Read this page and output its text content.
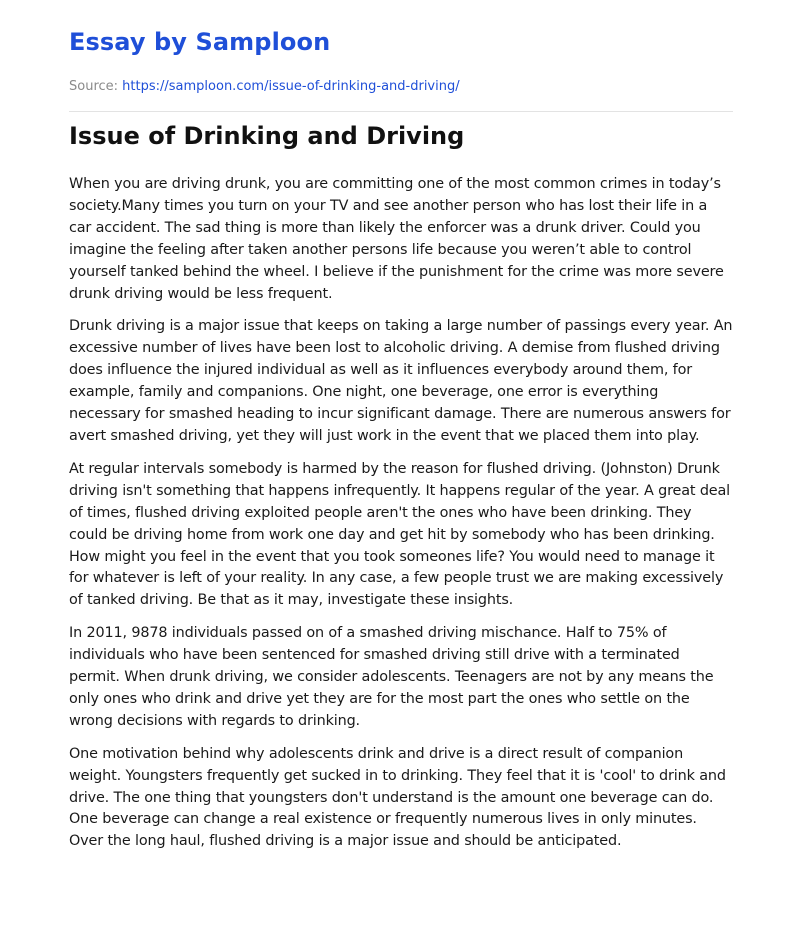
Essay by Samploon
Source: https://samploon.com/issue-of-drinking-and-driving/
Issue of Drinking and Driving

When you are driving drunk, you are committing one of the most common crimes in today’s society.Many times you turn on your TV and see another person who has lost their life in a car accident. The sad thing is more than likely the enforcer was a drunk driver. Could you imagine the feeling after taken another persons life because you weren’t able to control yourself tanked behind the wheel. I believe if the punishment for the crime was more severe drunk driving would be less frequent.

Drunk driving is a major issue that keeps on taking a large number of passings every year. An excessive number of lives have been lost to alcoholic driving. A demise from flushed driving does influence the injured individual as well as it influences everybody around them, for example, family and companions. One night, one beverage, one error is everything necessary for smashed heading to incur significant damage. There are numerous answers for avert smashed driving, yet they will just work in the event that we placed them into play.

At regular intervals somebody is harmed by the reason for flushed driving. (Johnston) Drunk driving isn't something that happens infrequently. It happens regular of the year. A great deal of times, flushed driving exploited people aren't the ones who have been drinking. They could be driving home from work one day and get hit by somebody who has been drinking. How might you feel in the event that you took someones life? You would need to manage it for whatever is left of your reality. In any case, a few people trust we are making excessively of tanked driving. Be that as it may, investigate these insights.

In 2011, 9878 individuals passed on of a smashed driving mischance. Half to 75% of individuals who have been sentenced for smashed driving still drive with a terminated permit. When drunk driving, we consider adolescents. Teenagers are not by any means the only ones who drink and drive yet they are for the most part the ones who settle on the wrong decisions with regards to drinking.

One motivation behind why adolescents drink and drive is a direct result of companion weight. Youngsters frequently get sucked in to drinking. They feel that it is 'cool' to drink and drive. The one thing that youngsters don't understand is the amount one beverage can do. One beverage can change a real existence or frequently numerous lives in only minutes. Over the long haul, flushed driving is a major issue and should be anticipated.
